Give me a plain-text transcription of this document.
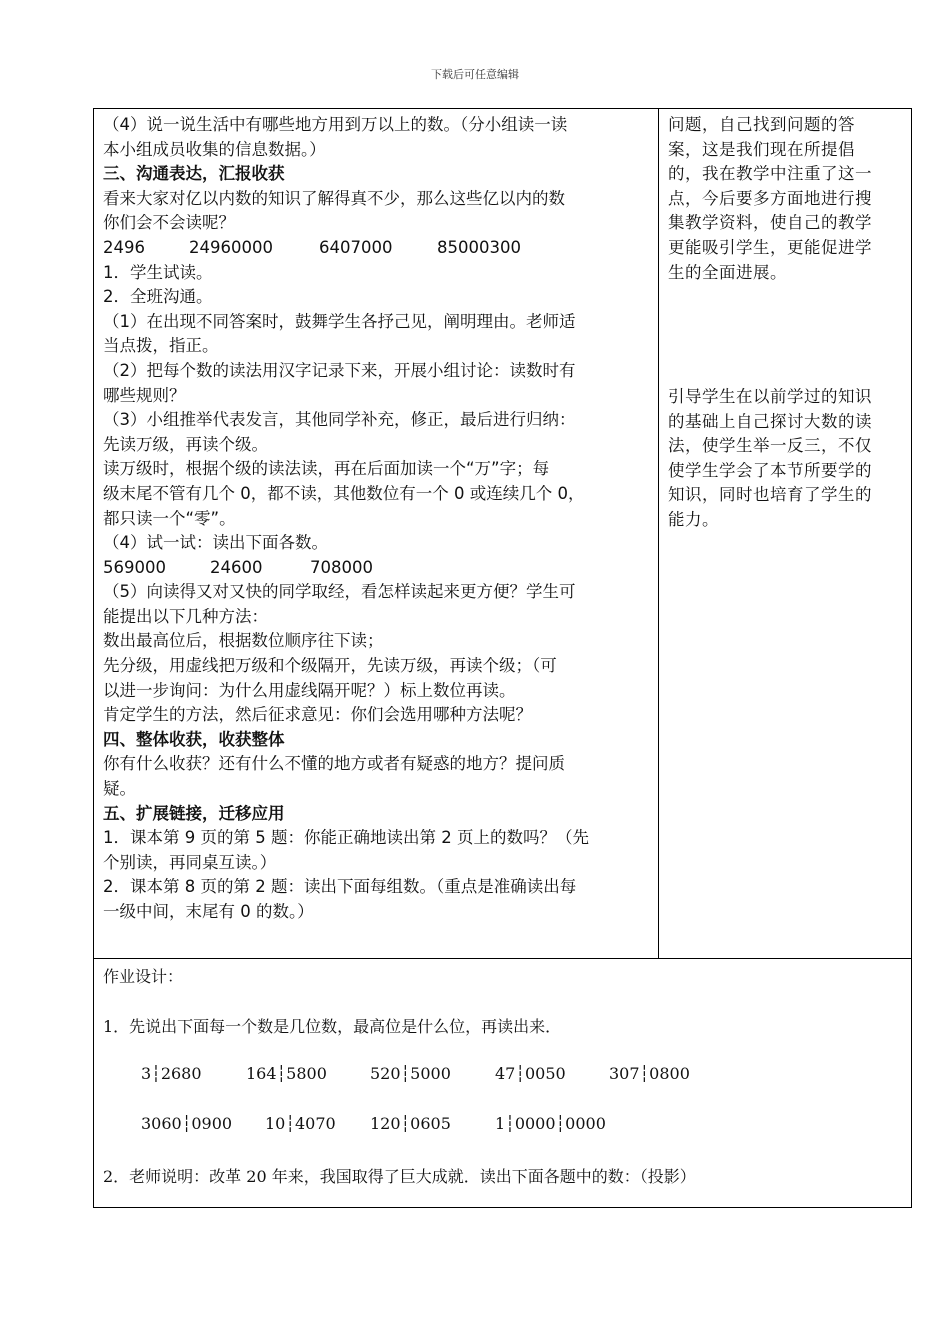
下载后可任意编辑
（4）说一说生活中有哪些地方用到万以上的数。（分小组读一读
本小组成员收集的信息数据。）
三、沟通表达，汇报收获
看来大家对亿以内数的知识了解得真不少，那么这些亿以内的数
你们会不会读呢？
2496	24960000	6407000	85000300
1．学生试读。
2．全班沟通。
（1）在出现不同答案时，鼓舞学生各抒己见，阐明理由。老师适
当点拨，指正。
（2）把每个数的读法用汉字记录下来，开展小组讨论：读数时有
哪些规则？
（3）小组推举代表发言，其他同学补充，修正，最后进行归纳：
先读万级，再读个级。
读万级时，根据个级的读法读，再在后面加读一个“万”字；每
级末尾不管有几个 0，都不读，其他数位有一个 0 或连续几个 0，
都只读一个“零”。
（4）试一试：读出下面各数。
569000	24600	708000
（5）向读得又对又快的同学取经，看怎样读起来更方便？学生可
能提出以下几种方法：
数出最高位后，根据数位顺序往下读；
先分级，用虚线把万级和个级隔开，先读万级，再读个级；（可
以进一步询问：为什么用虚线隔开呢？）标上数位再读。
肯定学生的方法，然后征求意见：你们会选用哪种方法呢？
四、整体收获，收获整体
你有什么收获？还有什么不懂的地方或者有疑惑的地方？提问质
疑。
五、扩展链接，迁移应用
1．课本第 9 页的第 5 题：你能正确地读出第 2 页上的数吗？（先
个别读，再同桌互读。）
2．课本第 8 页的第 2 题：读出下面每组数。（重点是准确读出每
一级中间，末尾有 0 的数。）
问题，自己找到问题的答
案，这是我们现在所提倡
的，我在教学中注重了这一
点，今后要多方面地进行搜
集教学资料，使自己的教学
更能吸引学生，更能促进学
生的全面进展。
引导学生在以前学过的知识
的基础上自己探讨大数的读
法，使学生举一反三，不仅
使学生学会了本节所要学的
知识，同时也培育了学生的
能力。
作业设计：
1．先说出下面每一个数是几位数，最高位是什么位，再读出来．
3┆2680	164┆5800	520┆5000	47┆0050	307┆0800
3060┆0900 10┆4070 120┆0605	1┆0000┆0000
2．老师说明：改革 20 年来，我国取得了巨大成就．读出下面各题中的数：（投影）
